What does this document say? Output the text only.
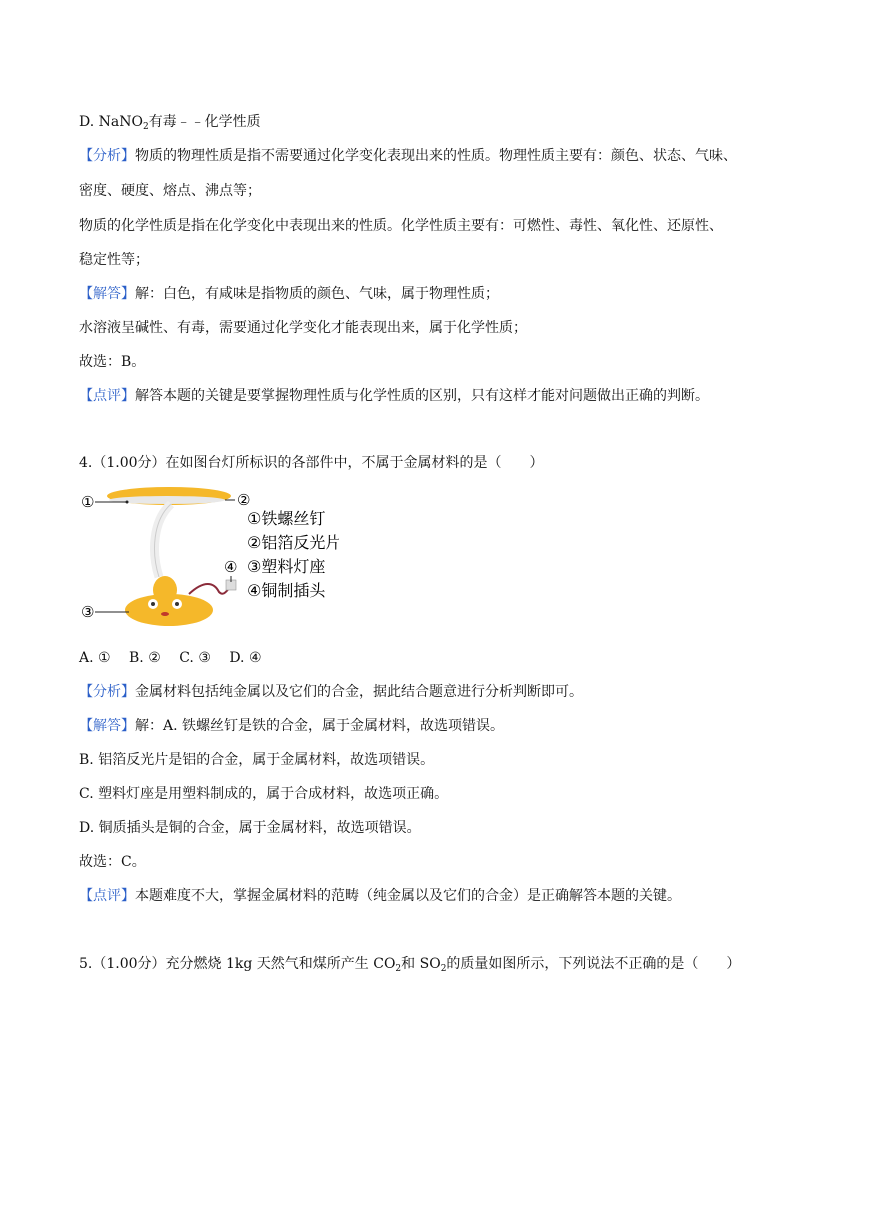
D. NaNO$_2$有毒﹣﹣化学性质
【分析】物质的物理性质是指不需要通过化学变化表现出来的性质。物理性质主要有：颜色、状态、气味、
密度、硬度、熔点、沸点等；
物质的化学性质是指在化学变化中表现出来的性质。化学性质主要有：可燃性、毒性、氧化性、还原性、
稳定性等；
【解答】解：白色，有咸味是指物质的颜色、气味，属于物理性质；
水溶液呈碱性、有毒，需要通过化学变化才能表现出来，属于化学性质；
故选：B。
【点评】解答本题的关键是要掌握物理性质与化学性质的区别，只有这样才能对问题做出正确的判断。
4.（1.00分）在如图台灯所标识的各部件中，不属于金属材料的是（　　）
①	②
③
④
①铁螺丝钉
②铝箔反光片
③塑料灯座
④铜制插头
A. ①　 B. ②　 C. ③　 D. ④
【分析】金属材料包括纯金属以及它们的合金，据此结合题意进行分析判断即可。
【解答】解：A. 铁螺丝钉是铁的合金，属于金属材料，故选项错误。
B. 铝箔反光片是铝的合金，属于金属材料，故选项错误。
C. 塑料灯座是用塑料制成的，属于合成材料，故选项正确。
D. 铜质插头是铜的合金，属于金属材料，故选项错误。
故选：C。
【点评】本题难度不大，掌握金属材料的范畴（纯金属以及它们的合金）是正确解答本题的关键。
5.（1.00分）充分燃烧 1kg 天然气和煤所产生 $CO_2$和 $SO_2$的质量如图所示，下列说法不正确的是（　　）
